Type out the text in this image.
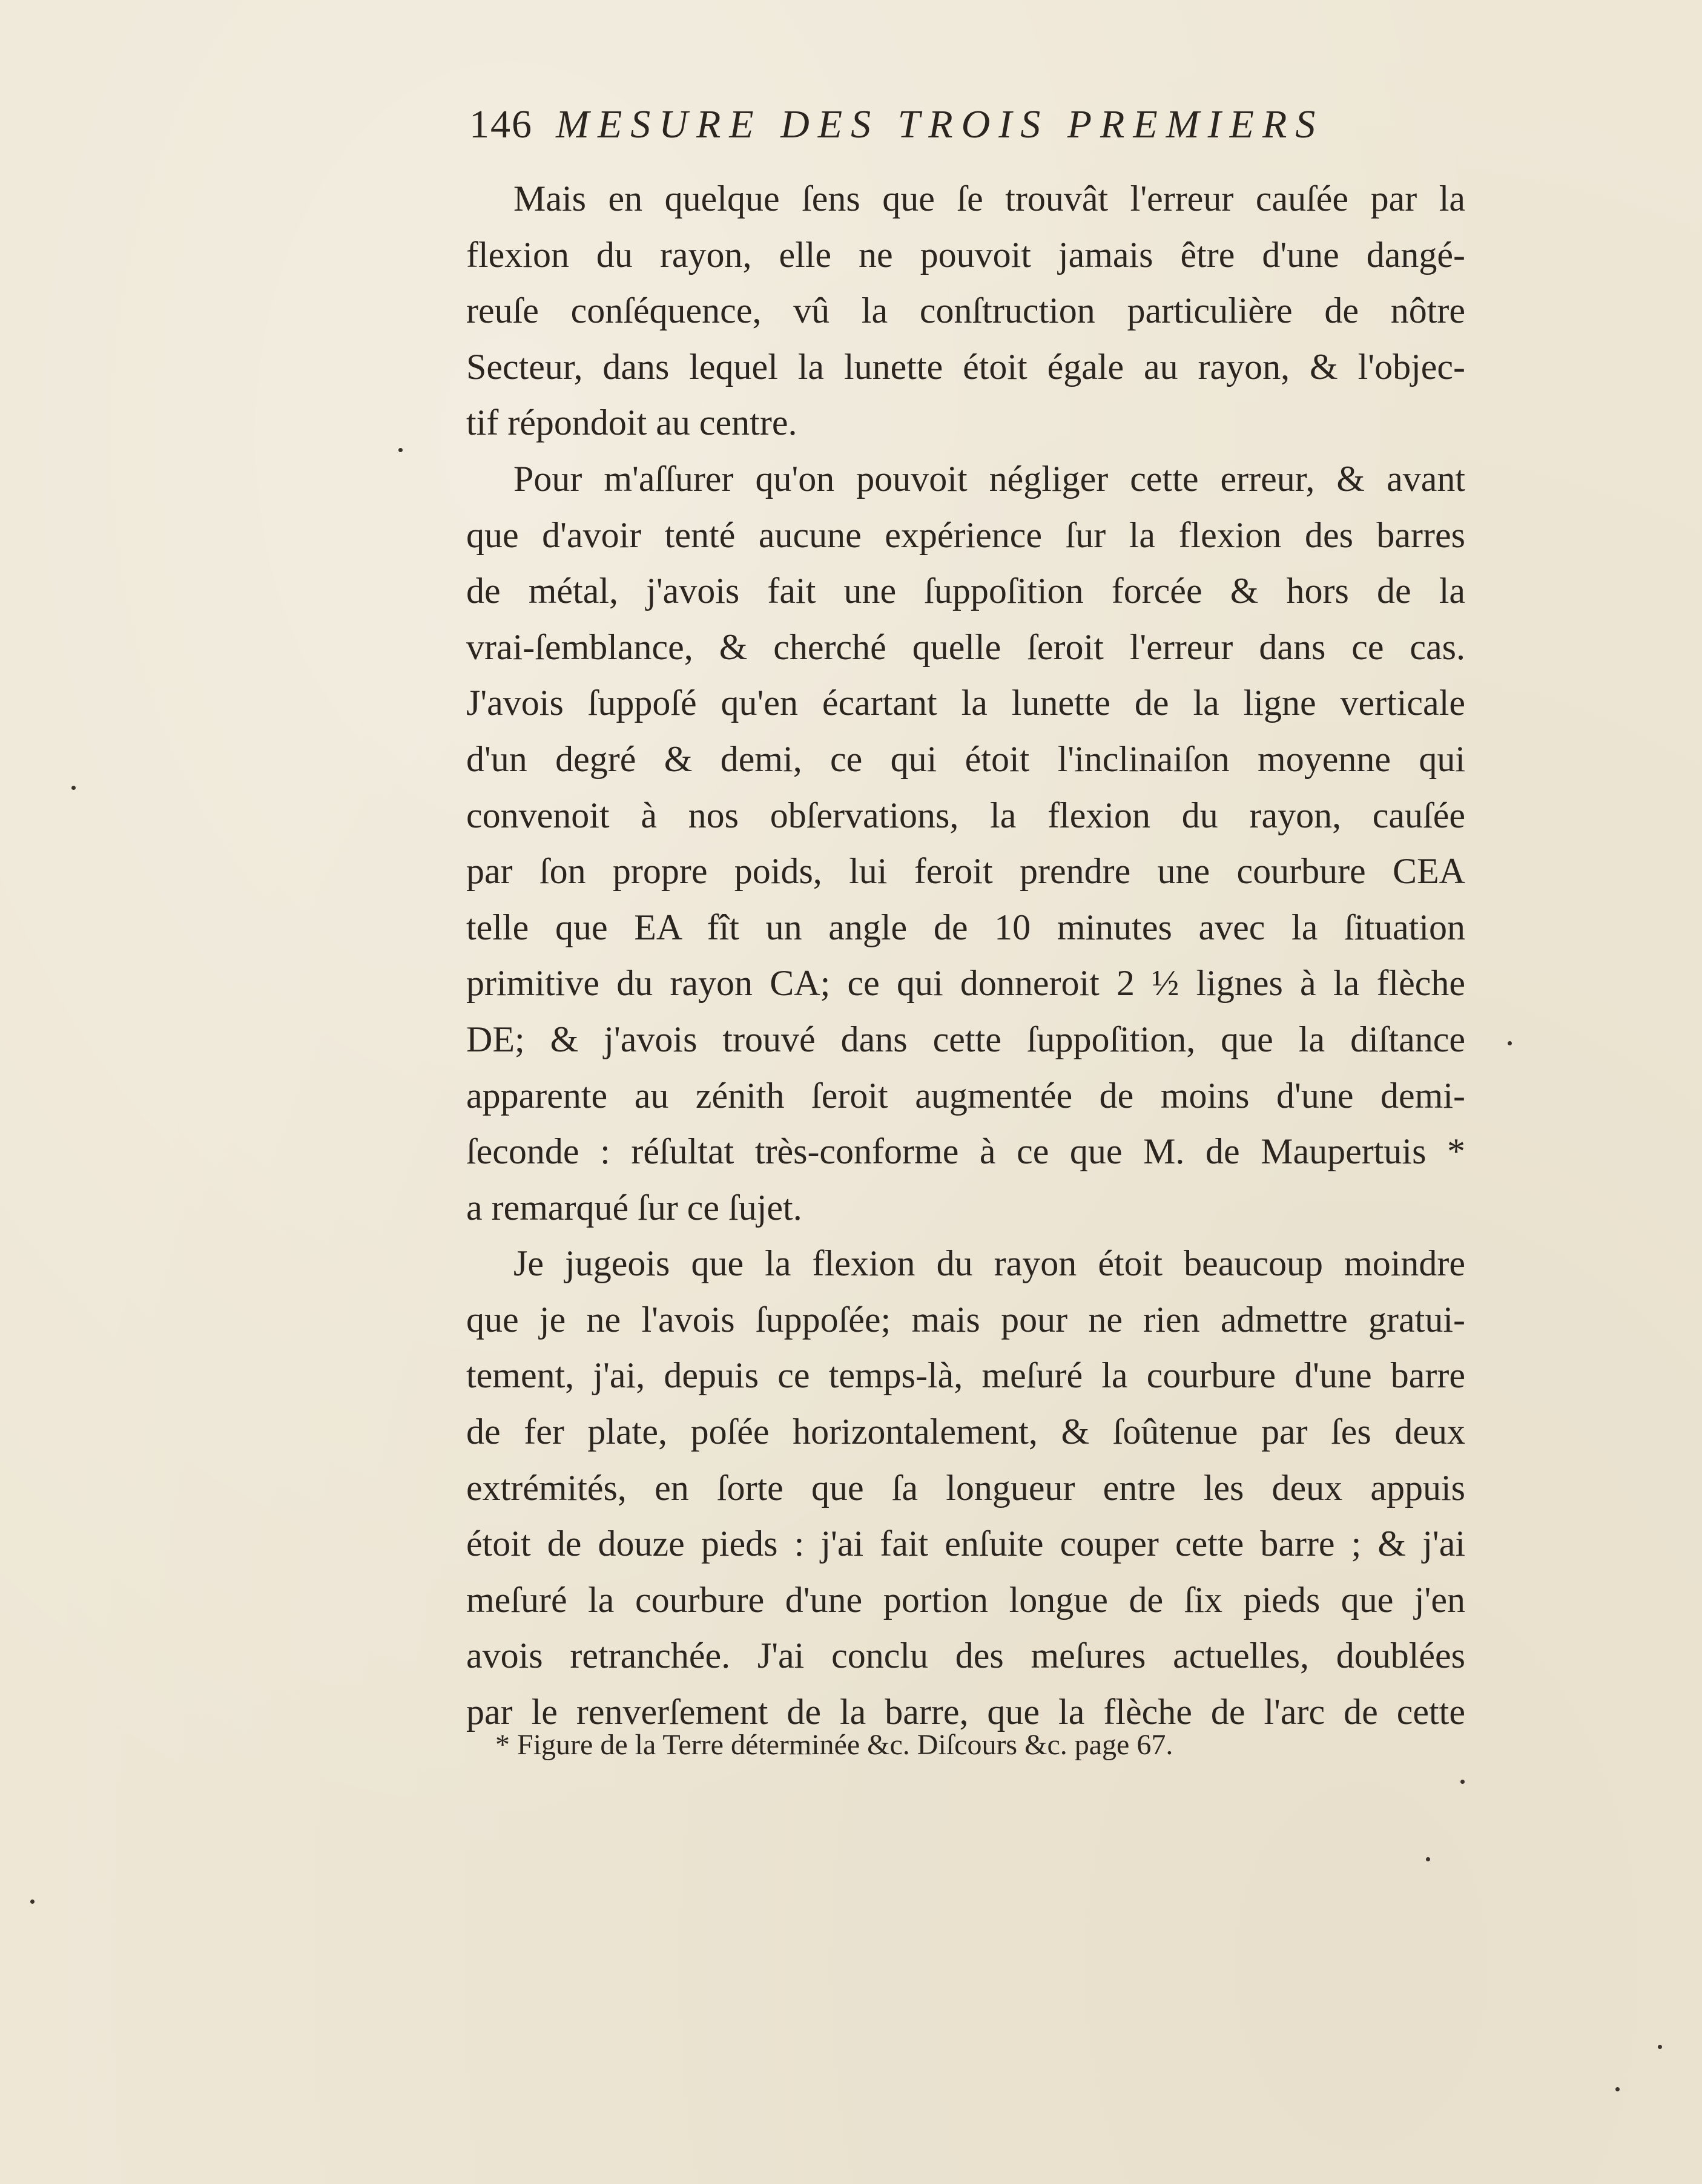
146 MESURE DES TROIS PREMIERS
Mais en quelque ſens que ſe trouvât l'erreur cauſée par la
flexion du rayon, elle ne pouvoit jamais être d'une dangé-
reuſe conſéquence, vû la conſtruction particulière de nôtre
Secteur, dans lequel la lunette étoit égale au rayon, & l'objec-
tif répondoit au centre.
Pour m'aſſurer qu'on pouvoit négliger cette erreur, & avant
que d'avoir tenté aucune expérience ſur la flexion des barres
de métal, j'avois fait une ſuppoſition forcée & hors de la
vrai-ſemblance, & cherché quelle ſeroit l'erreur dans ce cas.
J'avois ſuppoſé qu'en écartant la lunette de la ligne verticale
d'un degré & demi, ce qui étoit l'inclinaiſon moyenne qui
convenoit à nos obſervations, la flexion du rayon, cauſée
par ſon propre poids, lui feroit prendre une courbure CEA
telle que EA fît un angle de 10 minutes avec la ſituation
primitive du rayon CA; ce qui donneroit 2 ½ lignes à la flèche
DE; & j'avois trouvé dans cette ſuppoſition, que la diſtance
apparente au zénith ſeroit augmentée de moins d'une demi-
ſeconde : réſultat très-conforme à ce que M. de Maupertuis *
a remarqué ſur ce ſujet.
Je jugeois que la flexion du rayon étoit beaucoup moindre
que je ne l'avois ſuppoſée; mais pour ne rien admettre gratui-
tement, j'ai, depuis ce temps-là, meſuré la courbure d'une barre
de fer plate, poſée horizontalement, & ſoûtenue par ſes deux
extrémités, en ſorte que ſa longueur entre les deux appuis
étoit de douze pieds : j'ai fait enſuite couper cette barre ; & j'ai
meſuré la courbure d'une portion longue de ſix pieds que j'en
avois retranchée. J'ai conclu des meſures actuelles, doublées
par le renverſement de la barre, que la flèche de l'arc de cette
* Figure de la Terre déterminée &c. Diſcours &c. page 67.
